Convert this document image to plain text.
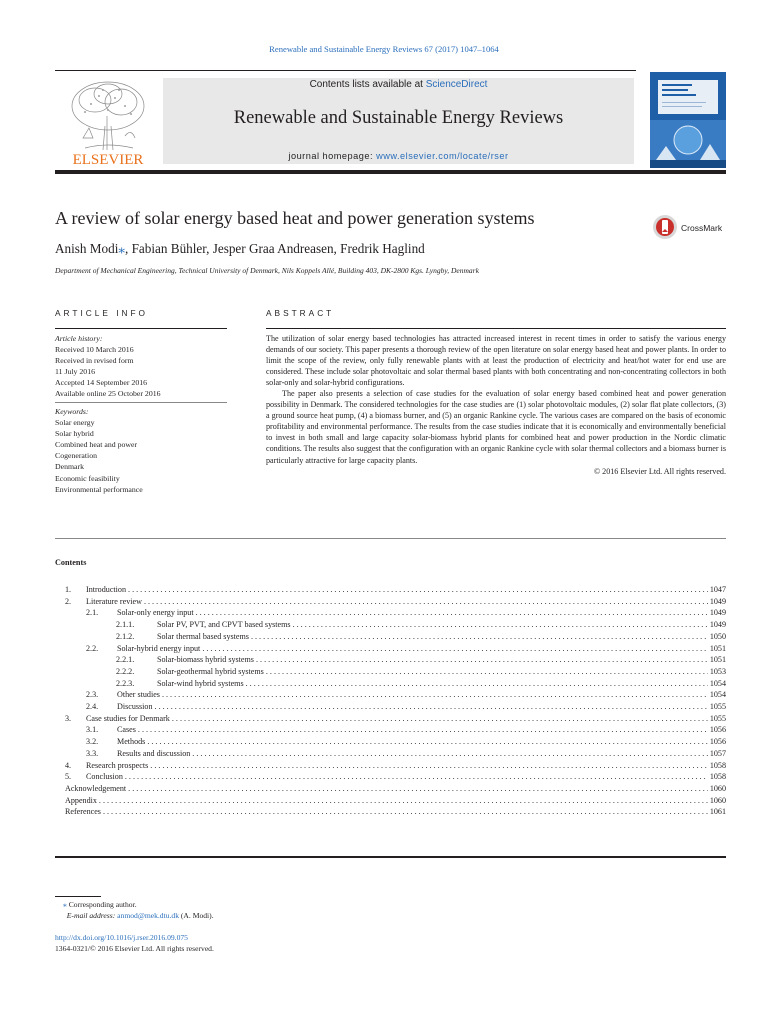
Renewable and Sustainable Energy Reviews 67 (2017) 1047–1064
ELSEVIER
Contents lists available at ScienceDirect
Renewable and Sustainable Energy Reviews
journal homepage: www.elsevier.com/locate/rser
A review of solar energy based heat and power generation systems	CrossMark
Anish Modi⁎, Fabian Bühler, Jesper Graa Andreasen, Fredrik Haglind
Department of Mechanical Engineering, Technical University of Denmark, Nils Koppels Allé, Building 403, DK-2800 Kgs. Lyngby, Denmark
ARTICLE INFO
Article history:
Received 10 March 2016
Received in revised form
11 July 2016
Accepted 14 September 2016
Available online 25 October 2016
Keywords:
Solar energy
Solar hybrid
Combined heat and power
Cogeneration
Denmark
Economic feasibility
Environmental performance
ABSTRACT

The utilization of solar energy based technologies has attracted increased interest in recent times in order to satisfy the various energy demands of our society. This paper presents a thorough review of the open literature on solar energy based heat and power plants. In order to limit the scope of the review, only fully renewable plants with at least the production of electricity and heat/hot water for end use are considered. These include solar photovoltaic and solar thermal based plants with both concentrating and non-concentrating collectors in both solar-only and solar-hybrid configurations.

The paper also presents a selection of case studies for the evaluation of solar energy based combined heat and power generation possibility in Denmark. The considered technologies for the case studies are (1) solar photovoltaic modules, (2) solar flat plate collectors, (3) a ground source heat pump, (4) a biomass burner, and (5) an organic Rankine cycle. The various cases are compared on the basis of economic profitability and environmental performance. The results from the case studies indicate that it is economically and environmentally beneficial to invest in both small and large capacity solar-biomass hybrid plants for combined heat and power production in the Nordic climatic conditions. The results also suggest that the configuration with an organic Rankine cycle with solar thermal collectors and a biomass burner is particularly attractive for large capacity plants.

© 2016 Elsevier Ltd. All rights reserved.

Contents
1. Introduction . . .	1047
2. Literature review . . .	1049
2.1. Solar-only energy input . . .	1049
2.1.1.	Solar PV, PVT, and CPVT based systems . . .	1049
2.1.2.	Solar thermal based systems . . .	1050
2.2. Solar-hybrid energy input . . .	1051
2.2.1.	Solar-biomass hybrid systems . . .	1051
2.2.2.	Solar-geothermal hybrid systems . . .	1053
2.2.3.	Solar-wind hybrid systems . . .	1054
2.3. Other studies . . .	1054
2.4. Discussion . . .	1055
3. Case studies for Denmark . . .	1055
3.1. Cases . . .	1056
3.2. Methods . . .	1056
3.3. Results and discussion . . .	1057
4. Research prospects . . .	1058
5. Conclusion . . .	1058
Acknowledgement . . .	1060
Appendix . . .	1060
References . . .	1061
⁎ Corresponding author.
E-mail address: anmod@mek.dtu.dk (A. Modi).
http://dx.doi.org/10.1016/j.rser.2016.09.075
1364-0321/© 2016 Elsevier Ltd. All rights reserved.
